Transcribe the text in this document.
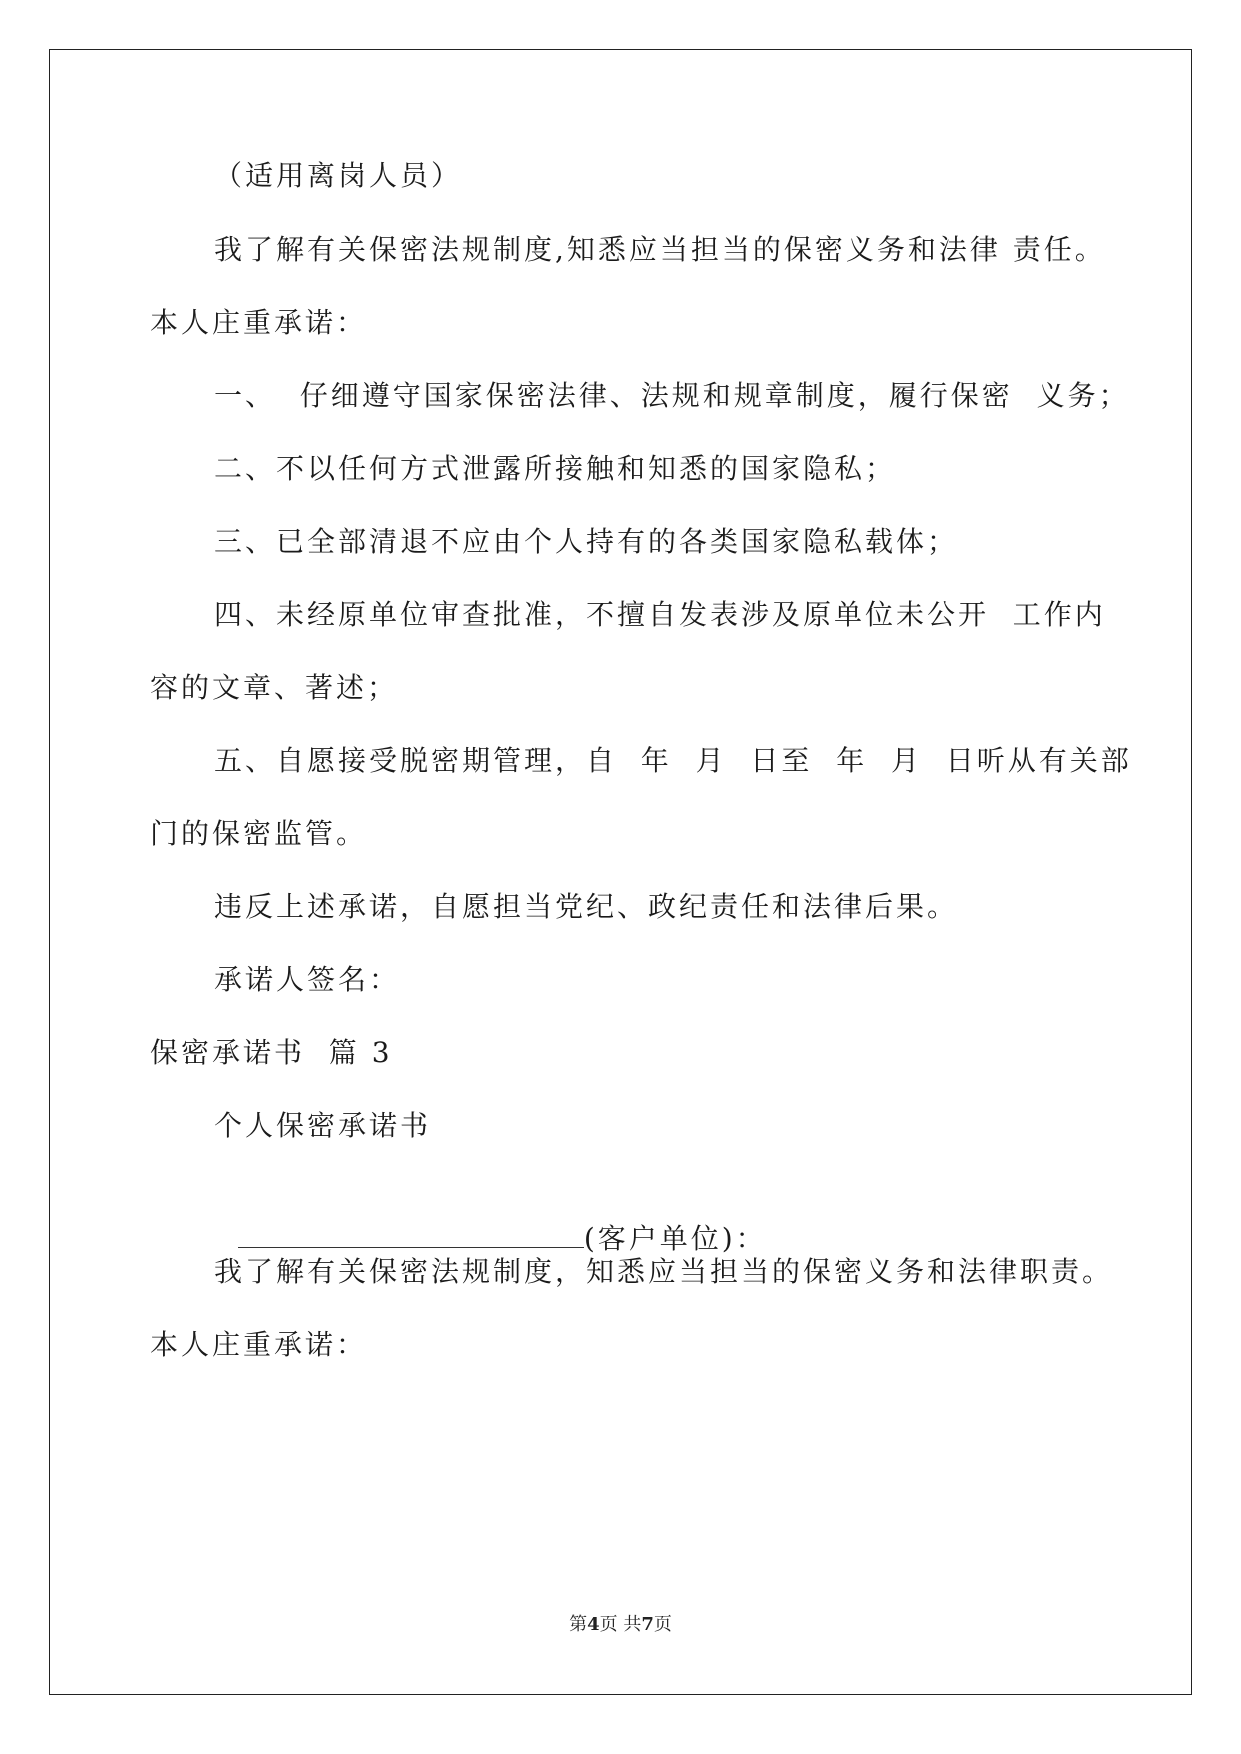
（适用离岗人员）
我了解有关保密法规制度,知悉应当担当的保密义务和法律 责任。
本人庄重承诺：
一、  仔细遵守国家保密法律、法规和规章制度，履行保密  义务；
二、不以任何方式泄露所接触和知悉的国家隐私；
三、已全部清退不应由个人持有的各类国家隐私载体；
四、未经原单位审查批准，不擅自发表涉及原单位未公开  工作内
容的文章、著述；
五、自愿接受脱密期管理，自  年  月  日至  年  月  日听从有关部
门的保密监管。
违反上述承诺，自愿担当党纪、政纪责任和法律后果。
承诺人签名：
保密承诺书  篇 3
个人保密承诺书

(客户单位)：

我了解有关保密法规制度，知悉应当担当的保密义务和法律职责。
本人庄重承诺：
第4页 共7页
